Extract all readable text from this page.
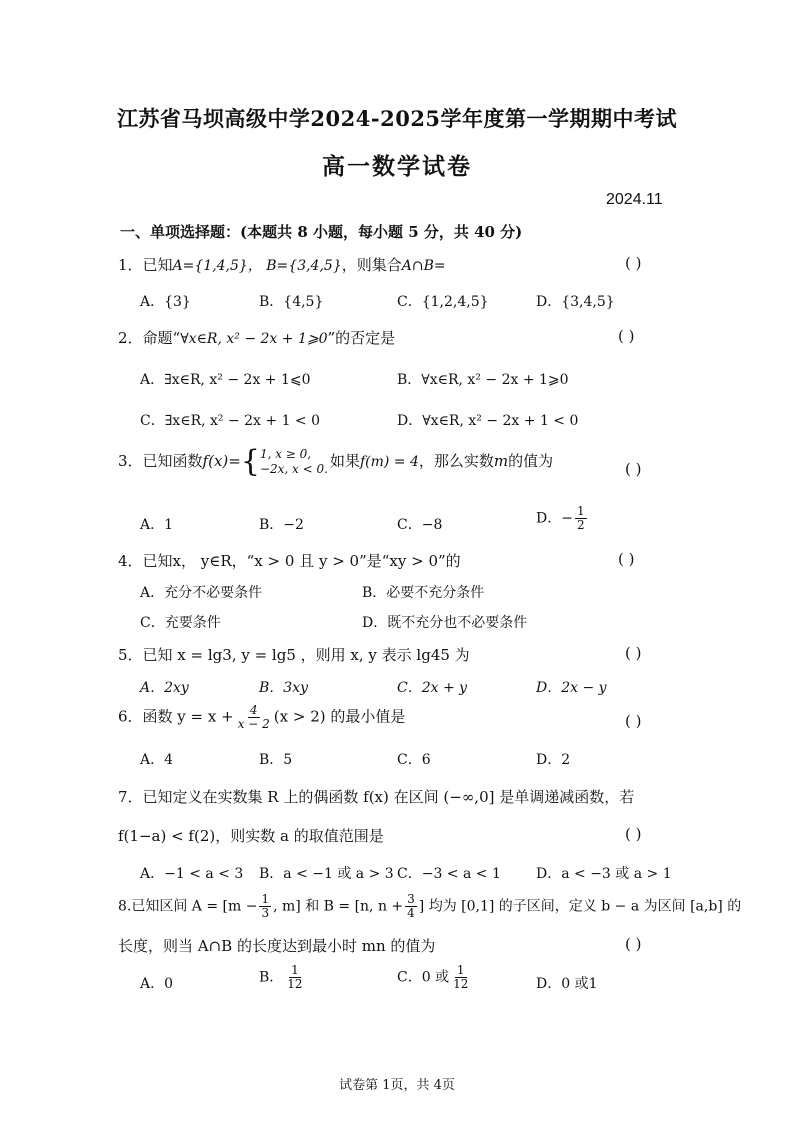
江苏省马坝高级中学2024-2025学年度第一学期期中考试
高一数学试卷
2024.11
一、单项选择题：(本题共 8 小题，每小题 5 分，共 40 分)
1．已知A={1,4,5}， B={3,4,5}，则集合A∩B=	( )
A．{3}	B．{4,5}	C．{1,2,4,5}	D．{3,4,5}
2．命题“∀x∈R, x² − 2x + 1⩾0”的否定是	( )
A．∃x∈R, x² − 2x + 1⩽0	B．∀x∈R, x² − 2x + 1⩾0
C．∃x∈R, x² − 2x + 1 < 0	D．∀x∈R, x² − 2x + 1 < 0
3．已知函数f(x)={ 1, x ≥ 0,
−2x, x < 0. 如果f(m) = 4，那么实数m的值为	( )
A．1	B．−2	C．−8	D．− $\frac{1}{2}$
4．已知x， y∈R，“x > 0 且 y > 0”是“xy > 0”的	( )
A．充分不必要条件	B．必要不充分条件
C．充要条件	D．既不充分也不必要条件
5．已知 x = lg3, y = lg5 ，则用 x, y 表示 lg45 为	( )
A．2xy	B．3xy	C．2x + y	D．2x − y
6．函数 $y = x + \frac{4}{x - 2} (x > 2)$ 的最小值是	( )
A．4	B．5	C．6	D．2
7．已知定义在实数集 R 上的偶函数 f(x) 在区间 (−∞,0] 是单调递减函数，若
f(1−a) < f(2)，则实数 a 的取值范围是	( )
A．−1 < a < 3 B．a < −1 或 a > 3 C．−3 < a < 1	D．a < −3 或 a > 1
8.已知区间 $A = [m - \frac{1}{3}$ , m] 和 B = [n, $n + \frac{3}{4}$ ] 均为 [0,1] 的子区间，定义 b − a 为区间 [a,b] 的
长度，则当 A∩B 的长度达到最小时 mn 的值为	( )
A．0	B． $\frac{1}{12}$	C．0 或 $\frac{1}{12}$	D．0 或1
试卷第 1页，共 4页
